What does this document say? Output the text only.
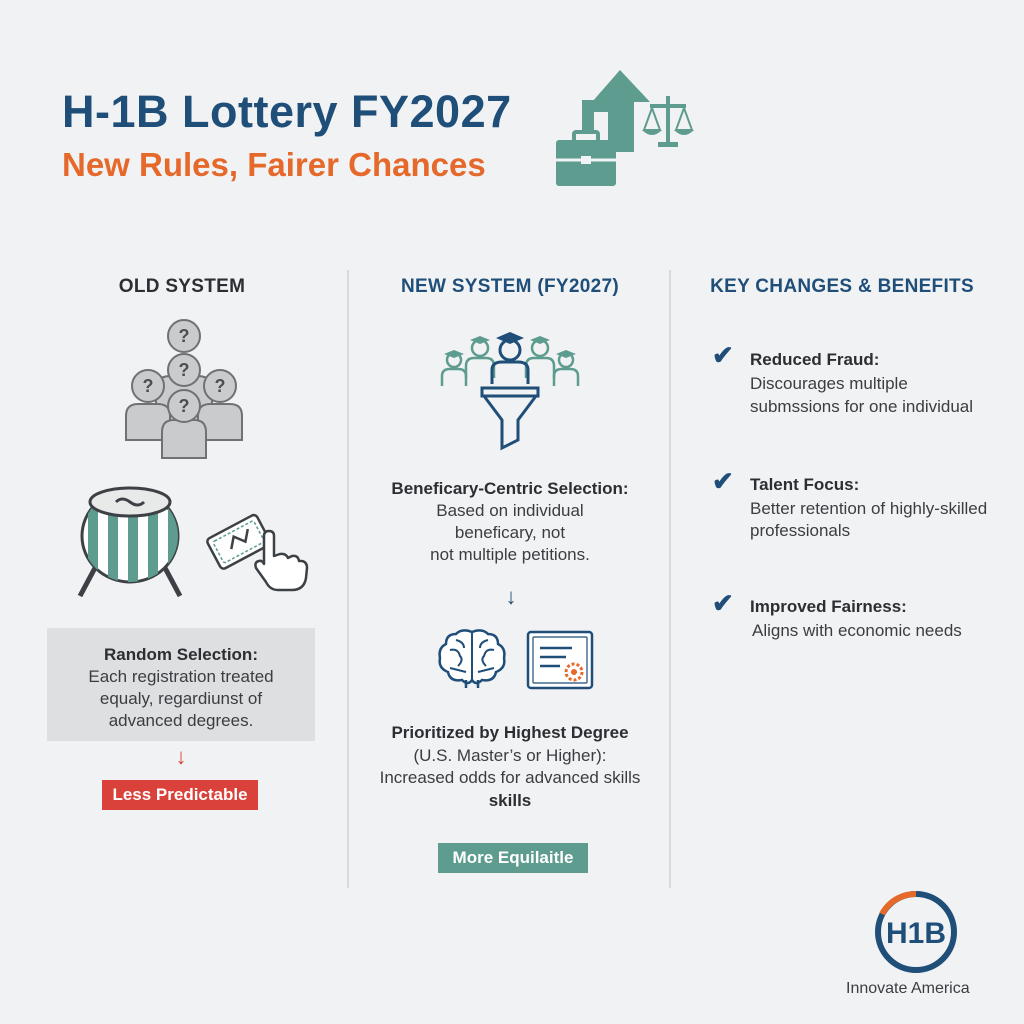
H-1B Lottery FY2027
New Rules, Fairer Chances
OLD SYSTEM
?
?
?	?
?
Random Selection:
Each registration treated
equaly, regardiunst of
advanced degrees.
↓
Less Predictable
NEW SYSTEM (FY2027)
Beneficary-Centric Selection:
Based on individual
beneficary, not
not multiple petitions.
↓
Prioritized by Highest Degree
(U.S. Master’s or Higher):
Increased odds for advanced skills
skills
More Equilaitle
KEY CHANGES & BENEFITS
✔ Reduced Fraud:
Discourages multiple
submssions for one individual
✔ Talent Focus:
Better retention of highly-skilled
professionals
✔ Improved Fairness:
Aligns with economic needs
H1B
Innovate America
